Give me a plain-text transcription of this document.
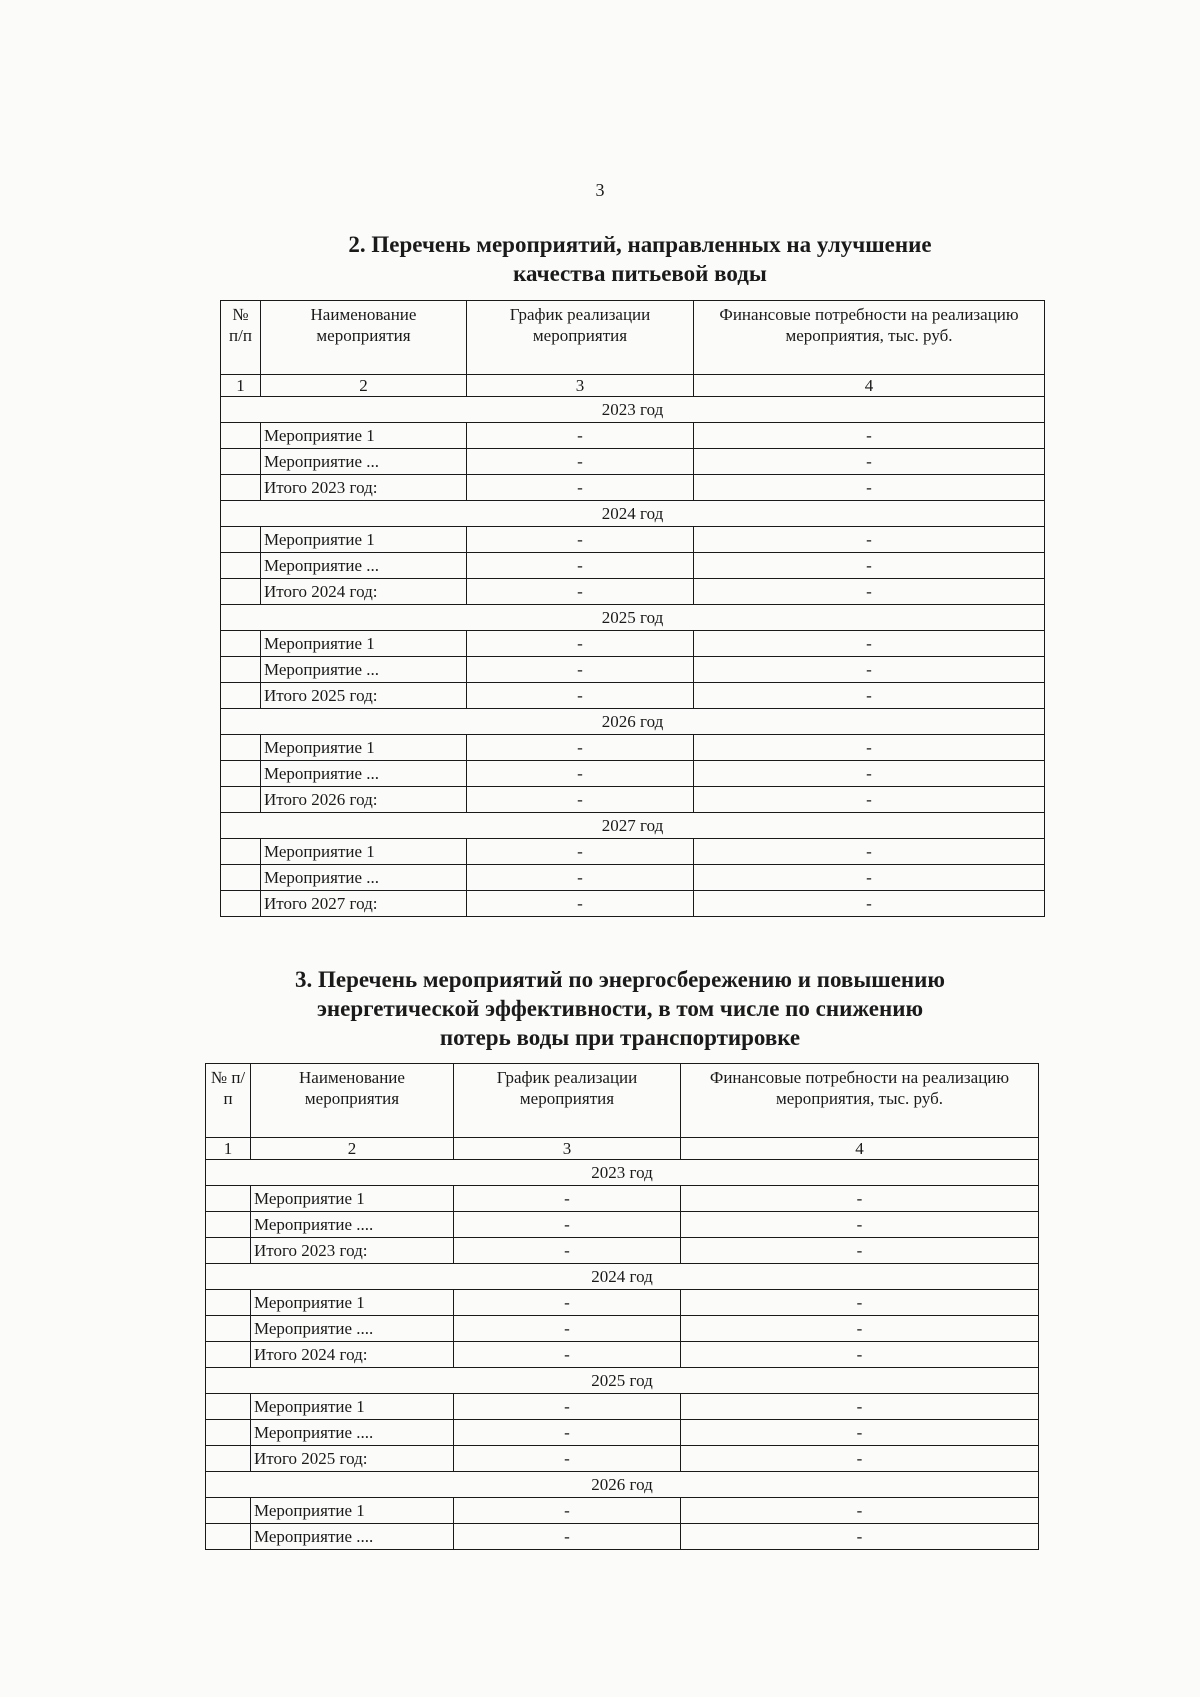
3
2. Перечень мероприятий, направленных на улучшение
качества питьевой воды
№ п/п	Наименование мероприятия	График реализации мероприятия	Финансовые потребности на реализацию мероприятия, тыс. руб.
1	2	3	4
2023 год			
	Мероприятие 1	-	-
	Мероприятие ...	-	-
	Итого 2023 год:	-	-
2024 год			
	Мероприятие 1	-	-
	Мероприятие ...	-	-
	Итого 2024 год:	-	-
2025 год			
	Мероприятие 1	-	-
	Мероприятие ...	-	-
	Итого 2025 год:	-	-
2026 год			
	Мероприятие 1	-	-
	Мероприятие ...	-	-
	Итого 2026 год:	-	-
2027 год			
	Мероприятие 1	-	-
	Мероприятие ...	-	-
	Итого 2027 год:	-	-
3. Перечень мероприятий по энергосбережению и повышению
энергетической эффективности, в том числе по снижению
потерь воды при транспортировке
№ п/п	Наименование мероприятия	График реализации мероприятия	Финансовые потребности на реализацию мероприятия, тыс. руб.
1	2	3	4
2023 год			
	Мероприятие 1	-	-
	Мероприятие ....	-	-
	Итого 2023 год:	-	-
2024 год			
	Мероприятие 1	-	-
	Мероприятие ....	-	-
	Итого 2024 год:	-	-
2025 год			
	Мероприятие 1	-	-
	Мероприятие ....	-	-
	Итого 2025 год:	-	-
2026 год			
	Мероприятие 1	-	-
	Мероприятие ....	-	-
